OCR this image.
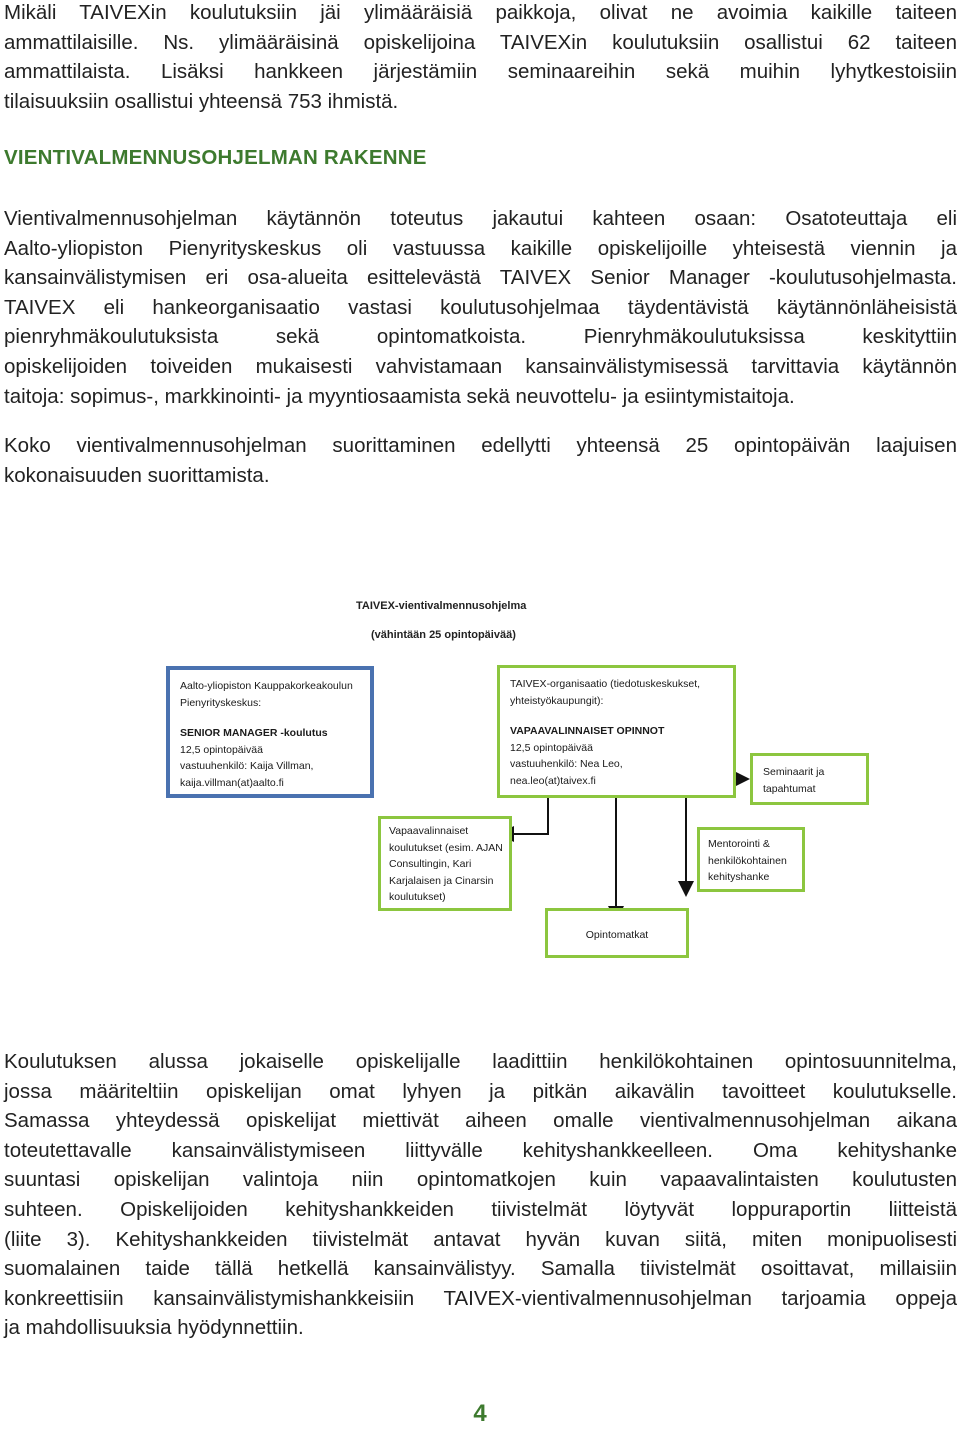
Mikäli TAIVEXin koulutuksiin jäi ylimääräisiä paikkoja, olivat ne avoimia kaikille taiteen
ammattilaisille. Ns. ylimääräisinä opiskelijoina TAIVEXin koulutuksiin osallistui 62 taiteen
ammattilaista. Lisäksi hankkeen järjestämiin seminaareihin sekä muihin lyhytkestoisiin
tilaisuuksiin osallistui yhteensä 753 ihmistä.
VIENTIVALMENNUSOHJELMAN RAKENNE
Vientivalmennusohjelman käytännön toteutus jakautui kahteen osaan: Osatoteuttaja eli
Aalto-yliopiston Pienyrityskeskus oli vastuussa kaikille opiskelijoille yhteisestä viennin ja
kansainvälistymisen eri osa-alueita esittelevästä TAIVEX Senior Manager -koulutusohjelmasta.
TAIVEX eli hankeorganisaatio vastasi koulutusohjelmaa täydentävistä käytännönläheisistä
pienryhmäkoulutuksista sekä opintomatkoista. Pienryhmäkoulutuksissa keskityttiin
opiskelijoiden toiveiden mukaisesti vahvistamaan kansainvälistymisessä tarvittavia käytännön
taitoja: sopimus-, markkinointi- ja myyntiosaamista sekä neuvottelu- ja esiintymistaitoja.
Koko vientivalmennusohjelman suorittaminen edellytti yhteensä 25 opintopäivän laajuisen
kokonaisuuden suorittamista.
TAIVEX-vientivalmennusohjelma
(vähintään 25 opintopäivää)
Aalto-yliopiston Kauppakorkeakoulun
Pienyrityskeskus:
SENIOR MANAGER -koulutus
12,5 opintopäivää
vastuuhenkilö: Kaija Villman,
kaija.villman(at)aalto.fi
TAIVEX-organisaatio (tiedotuskeskukset,
yhteistyökaupungit):
VAPAAVALINNAISET OPINNOT
12,5 opintopäivää
vastuuhenkilö: Nea Leo,
nea.leo(at)taivex.fi
Seminaarit ja
tapahtumat
Vapaavalinnaiset
koulutukset (esim. AJAN
Consultingin, Kari
Karjalaisen ja Cinarsin
koulutukset)
Mentorointi &
henkilökohtainen
kehityshanke
Opintomatkat
Koulutuksen alussa jokaiselle opiskelijalle laadittiin henkilökohtainen opintosuunnitelma,
jossa määriteltiin opiskelijan omat lyhyen ja pitkän aikavälin tavoitteet koulutukselle.
Samassa yhteydessä opiskelijat miettivät aiheen omalle vientivalmennusohjelman aikana
toteutettavalle kansainvälistymiseen liittyvälle kehityshankkeelleen. Oma kehityshanke
suuntasi opiskelijan valintoja niin opintomatkojen kuin vapaavalintaisten koulutusten
suhteen. Opiskelijoiden kehityshankkeiden tiivistelmät löytyvät loppuraportin liitteistä
(liite 3). Kehityshankkeiden tiivistelmät antavat hyvän kuvan siitä, miten monipuolisesti
suomalainen taide tällä hetkellä kansainvälistyy. Samalla tiivistelmät osoittavat, millaisiin
konkreettisiin kansainvälistymishankkeisiin TAIVEX-vientivalmennusohjelman tarjoamia oppeja
ja mahdollisuuksia hyödynnettiin.
4
